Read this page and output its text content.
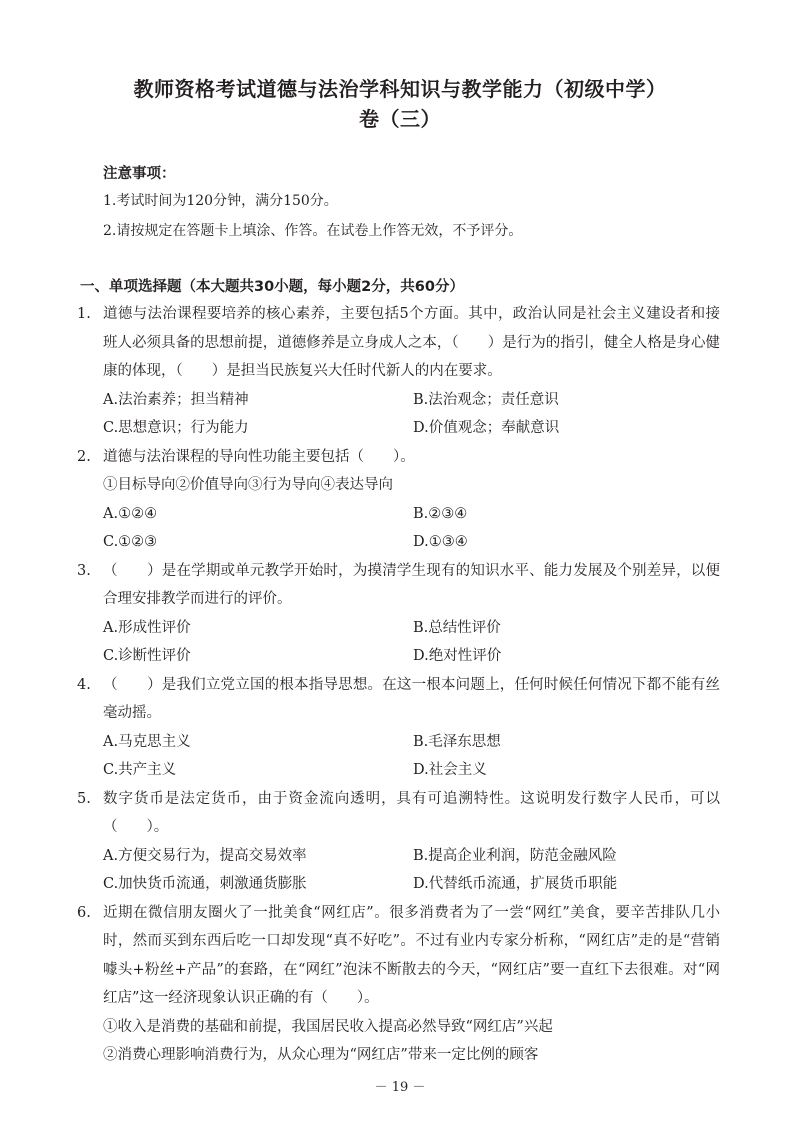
教师资格考试道德与法治学科知识与教学能力（初级中学）
卷（三）
注意事项：
1.考试时间为120分钟，满分150分。
2.请按规定在答题卡上填涂、作答。在试卷上作答无效，不予评分。
一、单项选择题（本大题共30小题，每小题2分，共60分）
1. 道德与法治课程要培养的核心素养，主要包括5个方面。其中，政治认同是社会主义建设者和接班人必须具备的思想前提，道德修养是立身成人之本，（　　）是行为的指引，健全人格是身心健康的体现，（　　）是担当民族复兴大任时代新人的内在要求。
A.法治素养；担当精神	B.法治观念；责任意识
C.思想意识；行为能力	D.价值观念；奉献意识
2. 道德与法治课程的导向性功能主要包括（　　）。
①目标导向②价值导向③行为导向④表达导向
A.①②④	B.②③④
C.①②③	D.①③④
3. （　　）是在学期或单元教学开始时，为摸清学生现有的知识水平、能力发展及个别差异，以便合理安排教学而进行的评价。
A.形成性评价	B.总结性评价
C.诊断性评价	D.绝对性评价
4. （　　）是我们立党立国的根本指导思想。在这一根本问题上，任何时候任何情况下都不能有丝毫动摇。
A.马克思主义	B.毛泽东思想
C.共产主义	D.社会主义
5. 数字货币是法定货币，由于资金流向透明，具有可追溯特性。这说明发行数字人民币，可以（　　）。
A.方便交易行为，提高交易效率	B.提高企业利润，防范金融风险
C.加快货币流通，刺激通货膨胀	D.代替纸币流通，扩展货币职能
6. 近期在微信朋友圈火了一批美食“网红店”。很多消费者为了一尝“网红”美食，要辛苦排队几小时，然而买到东西后吃一口却发现“真不好吃”。不过有业内专家分析称，“网红店”走的是“营销噱头+粉丝+产品”的套路，在“网红”泡沫不断散去的今天，“网红店”要一直红下去很难。对“网红店”这一经济现象认识正确的有（　　）。
①收入是消费的基础和前提，我国居民收入提高必然导致“网红店”兴起
②消费心理影响消费行为，从众心理为“网红店”带来一定比例的顾客
－ 19 －
